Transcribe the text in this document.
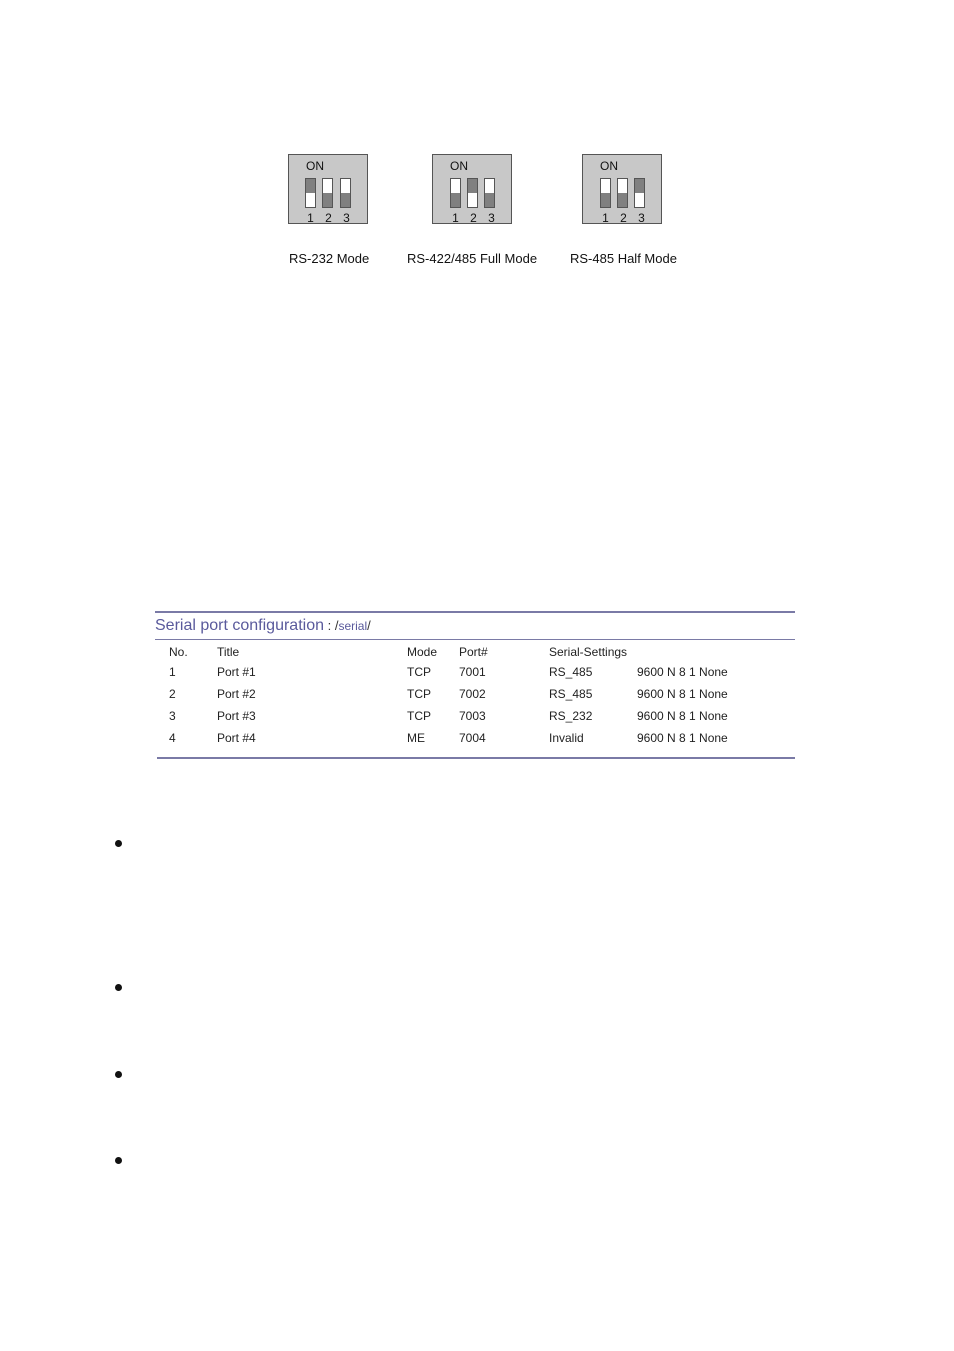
ON
1 2 3
RS-232 Mode
ON
1 2 3
RS-422/485 Full Mode
ON
1 2 3
RS-485 Half Mode
Serial port configuration : /serial/
No. Title	Mode Port#	Serial-Settings
1	Port #1	TCP 7001	RS_485	9600 N 8 1 None
2	Port #2	TCP 7002	RS_485	9600 N 8 1 None
3	Port #3	TCP 7003	RS_232	9600 N 8 1 None
4	Port #4	ME	7004	Invalid	9600 N 8 1 None
